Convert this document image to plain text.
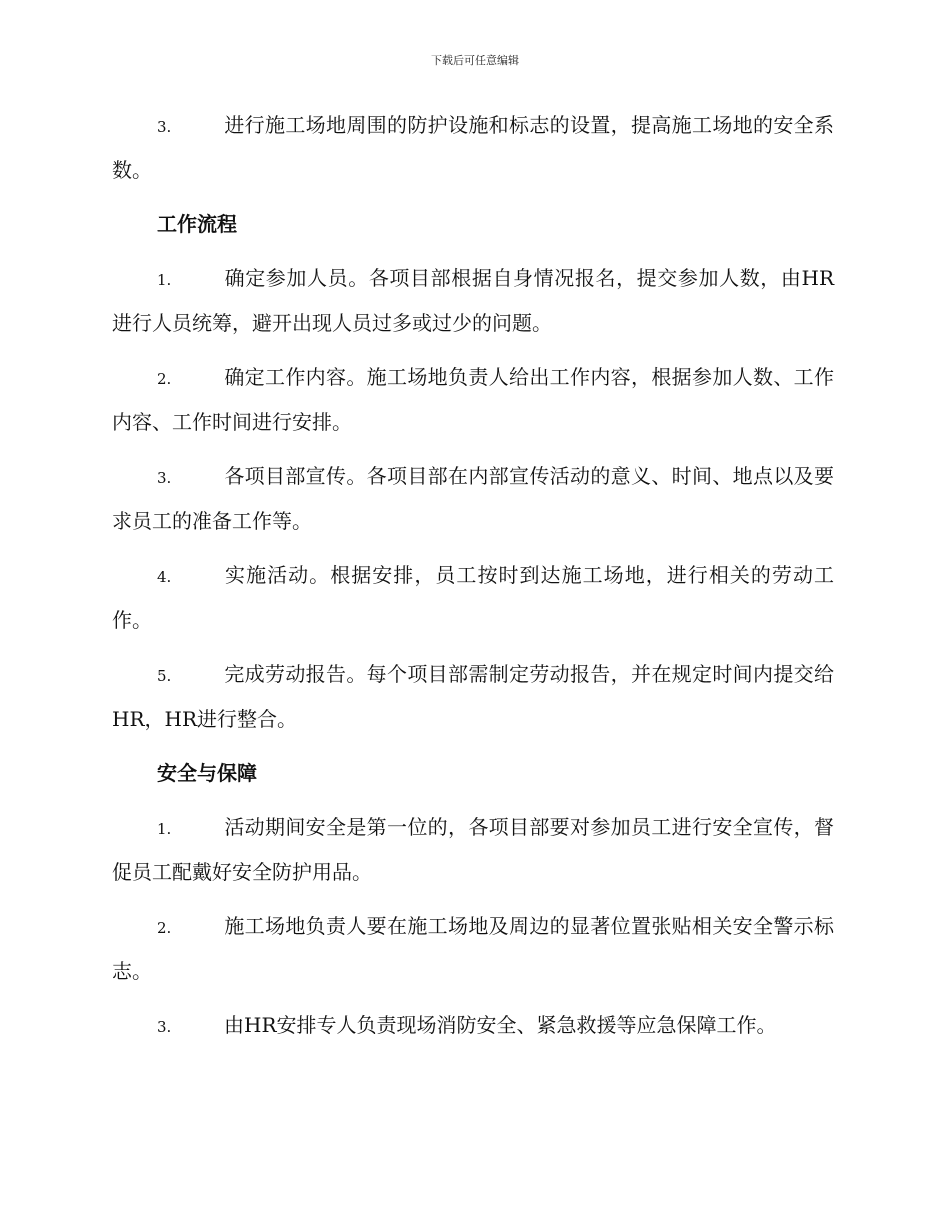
下载后可任意编辑

3.	进行施工场地周围的防护设施和标志的设置，提高施工场地的安全系数。

工作流程

1.	确定参加人员。各项目部根据自身情况报名，提交参加人数，由HR进行人员统筹，避开出现人员过多或过少的问题。

2.	确定工作内容。施工场地负责人给出工作内容，根据参加人数、工作内容、工作时间进行安排。

3.	各项目部宣传。各项目部在内部宣传活动的意义、时间、地点以及要求员工的准备工作等。

4.	实施活动。根据安排，员工按时到达施工场地，进行相关的劳动工作。

5.	完成劳动报告。每个项目部需制定劳动报告，并在规定时间内提交给HR，HR进行整合。

安全与保障

1.	活动期间安全是第一位的，各项目部要对参加员工进行安全宣传，督促员工配戴好安全防护用品。

2.	施工场地负责人要在施工场地及周边的显著位置张贴相关安全警示标志。

3.	由HR安排专人负责现场消防安全、紧急救援等应急保障工作。
